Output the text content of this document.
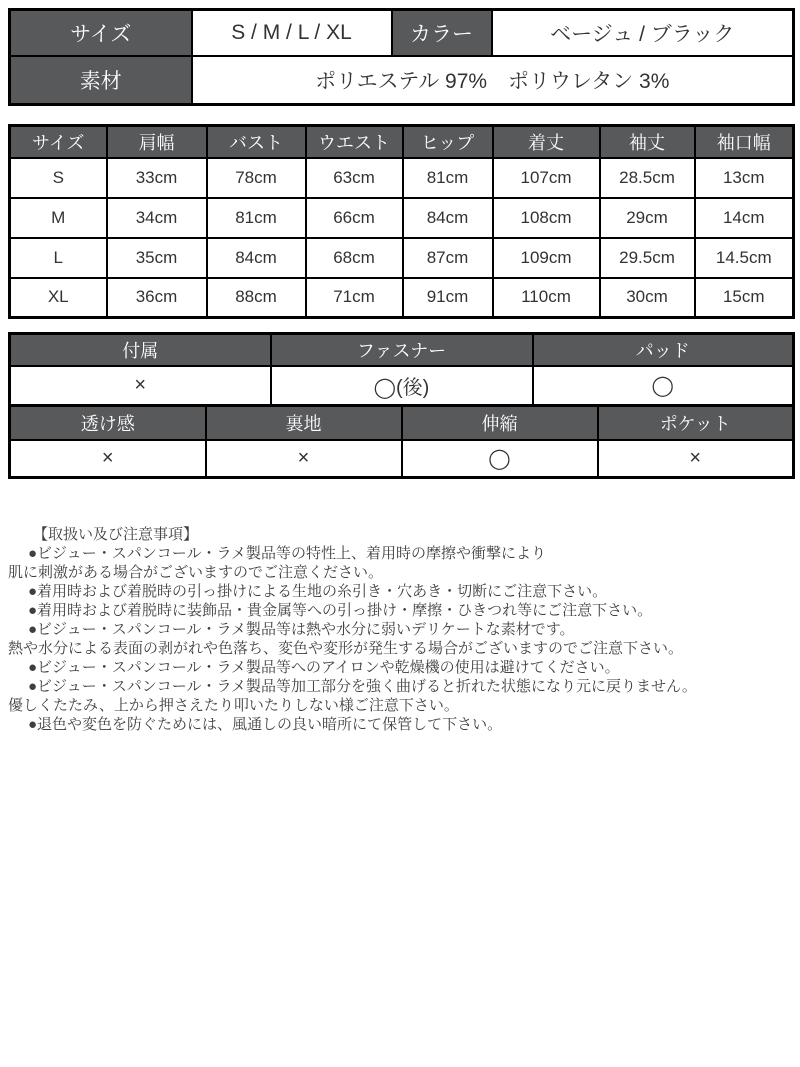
サイズ	S / M / L / XL	カラー	ベージュ / ブラック
素材	ポリエステル 97%　ポリウレタン 3%		
サイズ	肩幅	バスト	ウエスト	ヒップ	着丈	袖丈	袖口幅
S	33cm	78cm	63cm	81cm	107cm	28.5cm	13cm
M	34cm	81cm	66cm	84cm	108cm	29cm	14cm
L	35cm	84cm	68cm	87cm	109cm	29.5cm	14.5cm
XL	36cm	88cm	71cm	91cm	110cm	30cm	15cm
付属	ファスナー	パッド
×	◯(後)	◯
透け感	裏地	伸縮	ポケット
×	×	◯	×
【取扱い及び注意事項】
●ビジュー・スパンコール・ラメ製品等の特性上、着用時の摩擦や衝撃により
肌に刺激がある場合がございますのでご注意ください。
●着用時および着脱時の引っ掛けによる生地の糸引き・穴あき・切断にご注意下さい。
●着用時および着脱時に装飾品・貴金属等への引っ掛け・摩擦・ひきつれ等にご注意下さい。
●ビジュー・スパンコール・ラメ製品等は熱や水分に弱いデリケートな素材です。
熱や水分による表面の剥がれや色落ち、変色や変形が発生する場合がございますのでご注意下さい。
●ビジュー・スパンコール・ラメ製品等へのアイロンや乾燥機の使用は避けてください。
●ビジュー・スパンコール・ラメ製品等加工部分を強く曲げると折れた状態になり元に戻りません。
優しくたたみ、上から押さえたり叩いたりしない様ご注意下さい。
●退色や変色を防ぐためには、風通しの良い暗所にて保管して下さい。
